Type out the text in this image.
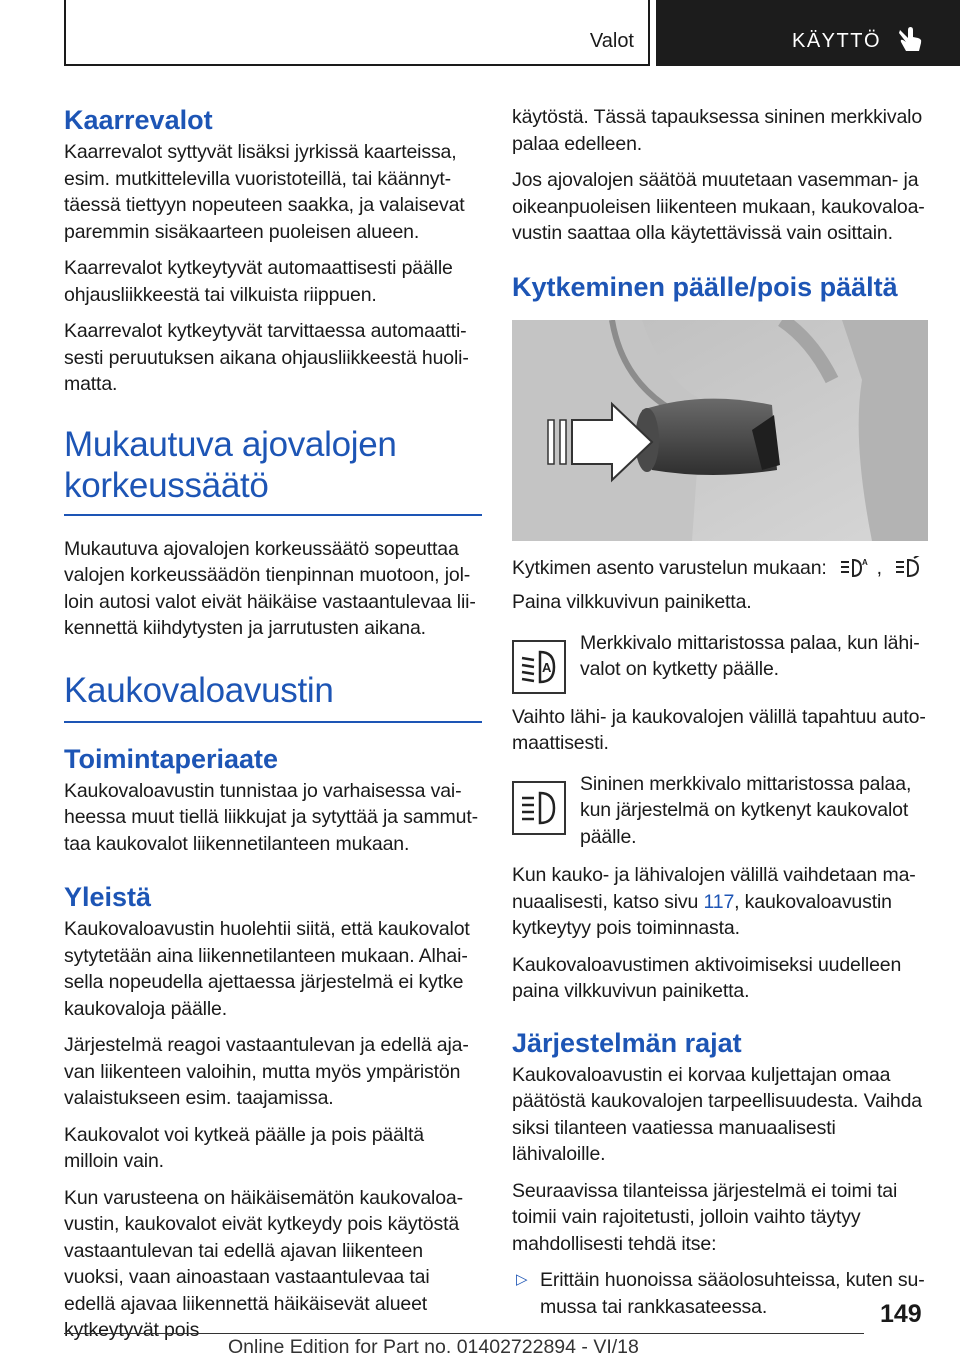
Valot	KÄYTTÖ
Kaarrevalot
Kaarrevalot syttyvät lisäksi jyrkissä kaarteissa, esim. mutkittelevilla vuoristoteillä, tai käännyttäessä tiettyyn nopeuteen saakka, ja valaisevat paremmin sisäkaarteen puoleisen alueen.
Kaarrevalot kytkeytyvät automaattisesti päälle ohjausliikkeestä tai vilkuista riippuen.
Kaarrevalot kytkeytyvät tarvittaessa automaattisesti peruutuksen aikana ohjausliikkeestä huolimatta.
Mukautuva ajovalojen korkeussäätö
Mukautuva ajovalojen korkeussäätö sopeuttaa valojen korkeussäädön tienpinnan muotoon, jolloin autosi valot eivät häikäise vastaantulevaa liikennettä kiihdytysten ja jarrutusten aikana.
Kaukovaloavustin
Toimintaperiaate
Kaukovaloavustin tunnistaa jo varhaisessa vaiheessa muut tiellä liikkujat ja sytyttää ja sammuttaa kaukovalot liikennetilanteen mukaan.
Yleistä
Kaukovaloavustin huolehtii siitä, että kaukovalot sytytetään aina liikennetilanteen mukaan. Alhaisella nopeudella ajettaessa järjestelmä ei kytke kaukovaloja päälle.
Järjestelmä reagoi vastaantulevan ja edellä ajavan liikenteen valoihin, mutta myös ympäristön valaistukseen esim. taajamissa.
Kaukovalot voi kytkeä päälle ja pois päältä milloin vain.
Kun varusteena on häikäisemätön kaukovaloavustin, kaukovalot eivät kytkeydy pois käytöstä vastaantulevan tai edellä ajavan liikenteen vuoksi, vaan ainoastaan vastaantulevaa tai edellä ajavaa liikennettä häikäisevät alueet kytkeytyvät pois
käytöstä. Tässä tapauksessa sininen merkkivalo palaa edelleen.
Jos ajovalojen säätöä muutetaan vasemman- ja oikeanpuoleisen liikenteen mukaan, kaukovaloavustin saattaa olla käytettävissä vain osittain.
Kytkeminen päälle/pois päältä
Kytkimen asento varustelun mukaan:	A ,
Paina vilkkuvivun painiketta.
A
Merkkivalo mittaristossa palaa, kun lähivalot on kytketty päälle.
Vaihto lähi- ja kaukovalojen välillä tapahtuu automaattisesti.
Sininen merkkivalo mittaristossa palaa, kun järjestelmä on kytkenyt kaukovalot päälle.
Kun kauko- ja lähivalojen välillä vaihdetaan manuaalisesti, katso sivu 117, kaukovaloavustin kytkeytyy pois toiminnasta.
Kaukovaloavustimen aktivoimiseksi uudelleen paina vilkkuvivun painiketta.
Järjestelmän rajat
Kaukovaloavustin ei korvaa kuljettajan omaa päätöstä kaukovalojen tarpeellisuudesta. Vaihda siksi tilanteen vaatiessa manuaalisesti lähivaloille.
Seuraavissa tilanteissa järjestelmä ei toimi tai toimii vain rajoitetusti, jolloin vaihto täytyy mahdollisesti tehdä itse:
▷ Erittäin huonoissa sääolosuhteissa, kuten sumussa tai rankkasateessa.	149
Online Edition for Part no. 01402722894 - VI/18
